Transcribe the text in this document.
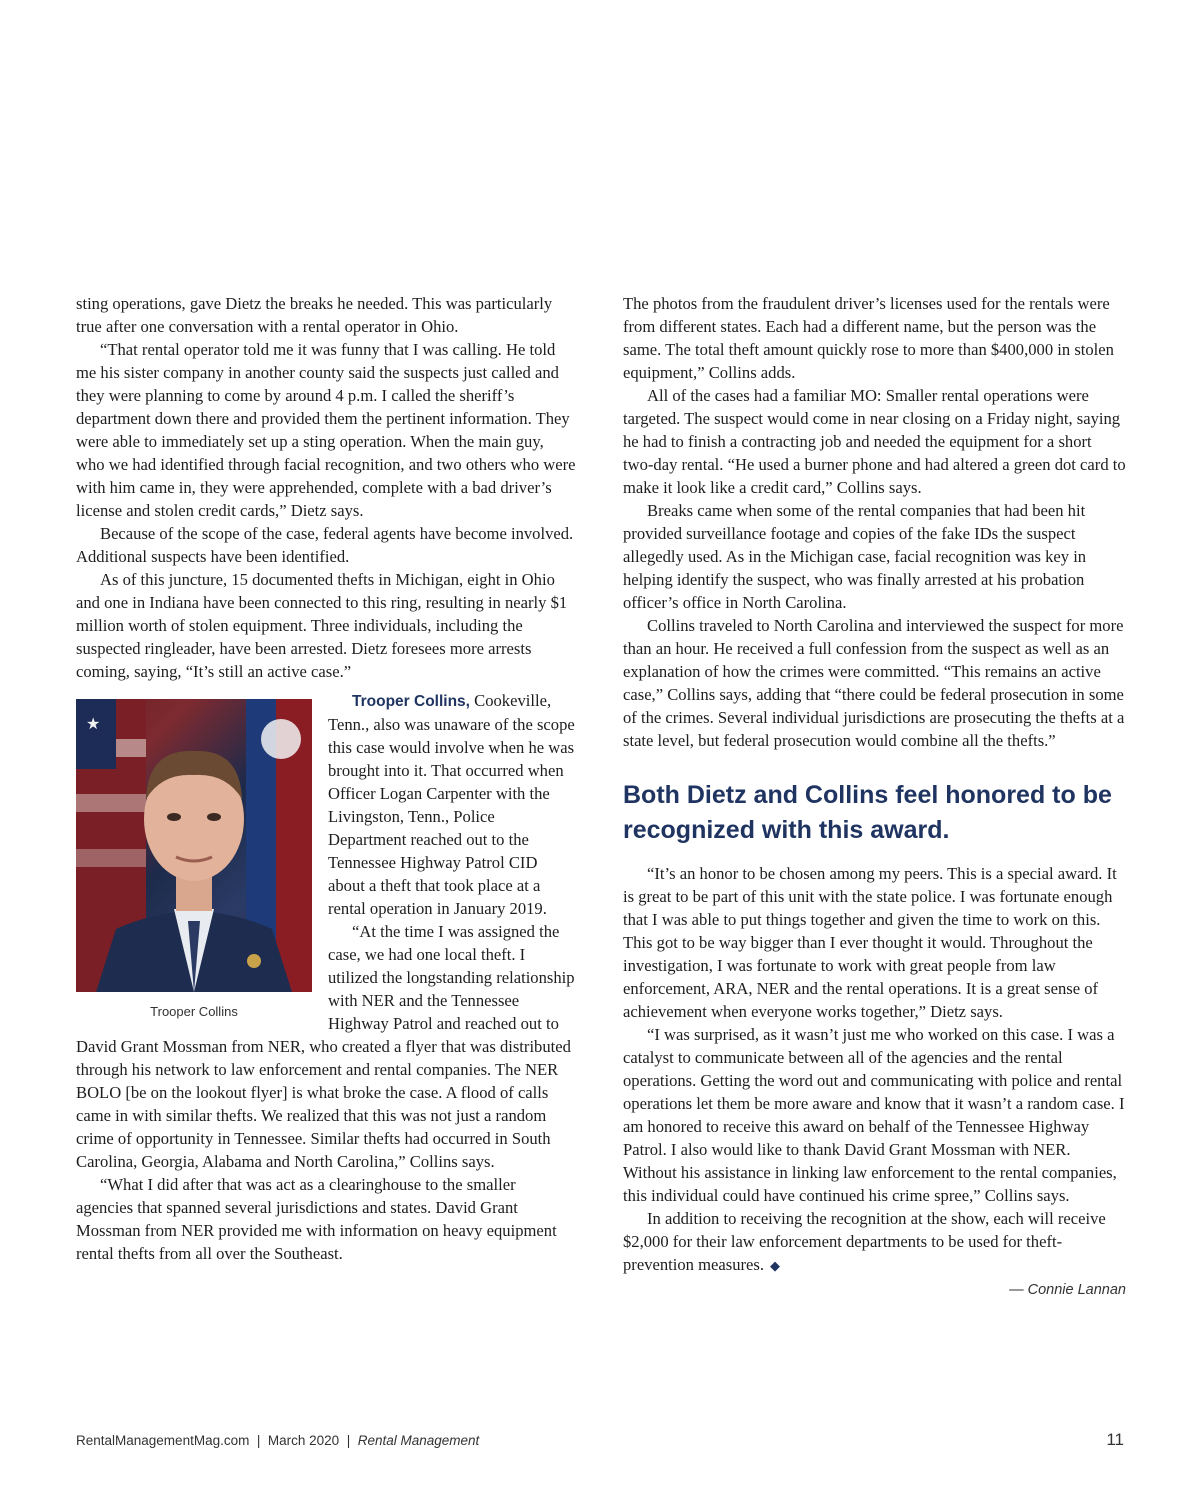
sting operations, gave Dietz the breaks he needed. This was particularly true after one conversation with a rental operator in Ohio.

“That rental operator told me it was funny that I was calling. He told me his sister company in another county said the suspects just called and they were planning to come by around 4 p.m. I called the sheriff’s department down there and provided them the pertinent information. They were able to immediately set up a sting operation. When the main guy, who we had identified through facial recognition, and two others who were with him came in, they were apprehended, complete with a bad driver’s license and stolen credit cards,” Dietz says.

Because of the scope of the case, federal agents have become involved. Additional suspects have been identified.

As of this juncture, 15 documented thefts in Michigan, eight in Ohio and one in Indiana have been connected to this ring, resulting in nearly $1 million worth of stolen equipment. Three individuals, including the suspected ringleader, have been arrested. Dietz foresees more arrests coming, saying, “It’s still an active case.”

★
Trooper Collins

Trooper Collins, Cookeville, Tenn., also was unaware of the scope this case would involve when he was brought into it. That occurred when Officer Logan Carpenter with the Livingston, Tenn., Police Department reached out to the Tennessee Highway Patrol CID about a theft that took place at a rental operation in January 2019.

“At the time I was assigned the case, we had one local theft. I utilized the longstanding relationship with NER and the Tennessee Highway Patrol and reached out to David Grant Mossman from NER, who created a flyer that was distributed through his network to law enforcement and rental companies. The NER BOLO [be on the lookout flyer] is what broke the case. A flood of calls came in with similar thefts. We realized that this was not just a random crime of opportunity in Tennessee. Similar thefts had occurred in South Carolina, Georgia, Alabama and North Carolina,” Collins says.

“What I did after that was act as a clearinghouse to the smaller agencies that spanned several jurisdictions and states. David Grant Mossman from NER provided me with information on heavy equipment rental thefts from all over the Southeast.

The photos from the fraudulent driver’s licenses used for the rentals were from different states. Each had a different name, but the person was the same. The total theft amount quickly rose to more than $400,000 in stolen equipment,” Collins adds.

All of the cases had a familiar MO: Smaller rental operations were targeted. The suspect would come in near closing on a Friday night, saying he had to finish a contracting job and needed the equipment for a short two-day rental. “He used a burner phone and had altered a green dot card to make it look like a credit card,” Collins says.

Breaks came when some of the rental companies that had been hit provided surveillance footage and copies of the fake IDs the suspect allegedly used. As in the Michigan case, facial recognition was key in helping identify the suspect, who was finally arrested at his probation officer’s office in North Carolina.

Collins traveled to North Carolina and interviewed the suspect for more than an hour. He received a full confession from the suspect as well as an explanation of how the crimes were committed. “This remains an active case,” Collins says, adding that “there could be federal prosecution in some of the crimes. Several individual jurisdictions are prosecuting the thefts at a state level, but federal prosecution would combine all the thefts.”

Both Dietz and Collins feel honored to be recognized with this award.

“It’s an honor to be chosen among my peers. This is a special award. It is great to be part of this unit with the state police. I was fortunate enough that I was able to put things together and given the time to work on this. This got to be way bigger than I ever thought it would. Throughout the investigation, I was fortunate to work with great people from law enforcement, ARA, NER and the rental operations. It is a great sense of achievement when everyone works together,” Dietz says.

“I was surprised, as it wasn’t just me who worked on this case. I was a catalyst to communicate between all of the agencies and the rental operations. Getting the word out and communicating with police and rental operations let them be more aware and know that it wasn’t a random case. I am honored to receive this award on behalf of the Tennessee Highway Patrol. I also would like to thank David Grant Mossman with NER. Without his assistance in linking law enforcement to the rental companies, this individual could have continued his crime spree,” Collins says.

In addition to receiving the recognition at the show, each will receive $2,000 for their law enforcement departments to be used for theft-prevention measures. ◆

— Connie Lannan
RentalManagementMag.com | March 2020 | Rental Management	11
